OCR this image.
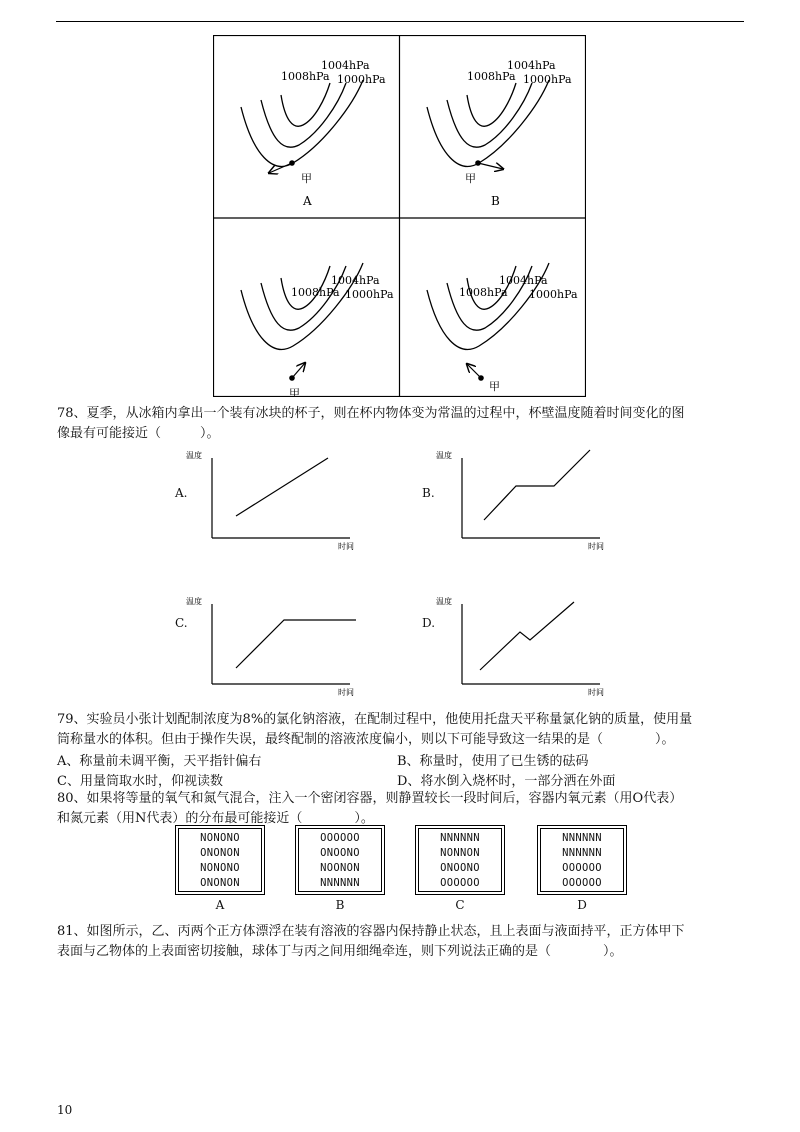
1008hPa
1004hPa
1000hPa
甲
A
1008hPa
1004hPa
1000hPa
甲
B
1008hPa
1004hPa
1000hPa
甲
1008hPa
1004hPa
1000hPa
甲

78、夏季，从冰箱内拿出一个装有冰块的杯子，则在杯内物体变为常温的过程中，杯壁温度随着时间变化的图
像最有可能接近（　　　）。

A.
温度
时间
B.
温度
时间
C.
温度
时间
D.
温度
时间

79、实验员小张计划配制浓度为8%的氯化钠溶液，在配制过程中，他使用托盘天平称量氯化钠的质量，使用量
筒称量水的体积。但由于操作失误，最终配制的溶液浓度偏小，则以下可能导致这一结果的是（　　　　）。

A、称量前未调平衡，天平指针偏右	B、称量时，使用了已生锈的砝码
C、用量筒取水时，仰视读数	D、将水倒入烧杯时，一部分洒在外面

80、如果将等量的氧气和氮气混合，注入一个密闭容器，则静置较长一段时间后，容器内氧元素（用O代表）
和氮元素（用N代表）的分布最可能接近（　　　　）。

NONONO
ONONON
NONONO
ONONON
A
OOOOOO
ONOONO
NOONON
NNNNNN
B
NNNNNN
NONNON
ONOONO
OOOOOO
C
NNNNNN
NNNNNN
OOOOOO
OOOOOO
D

81、如图所示，乙、丙两个正方体漂浮在装有溶液的容器内保持静止状态，且上表面与液面持平，正方体甲下
表面与乙物体的上表面密切接触，球体丁与丙之间用细绳牵连，则下列说法正确的是（　　　　）。

10
